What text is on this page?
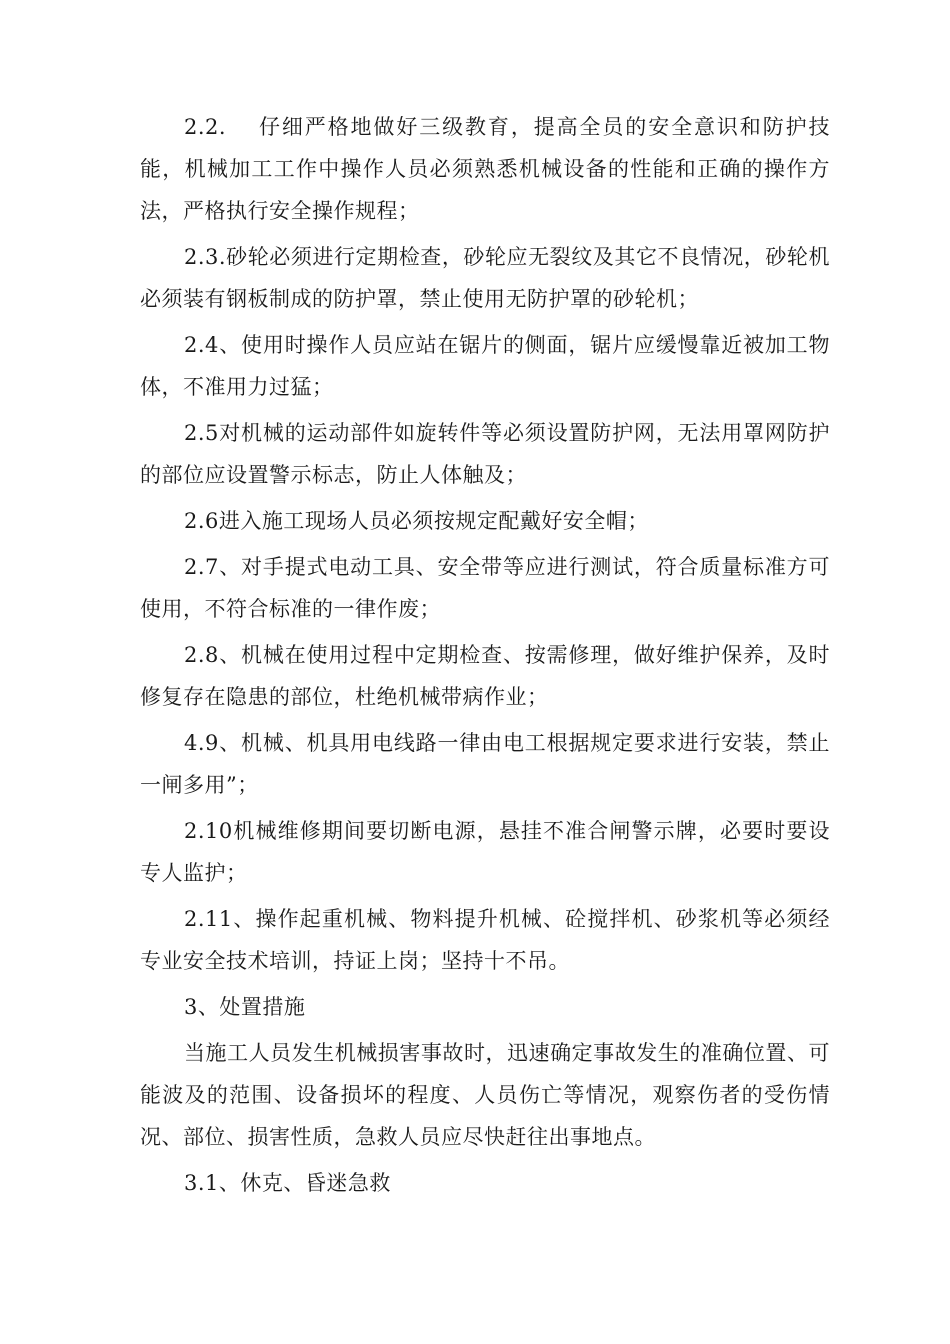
2.2.　 仔细严格地做好三级教育，提高全员的安全意识和防护技能，机械加工工作中操作人员必须熟悉机械设备的性能和正确的操作方法，严格执行安全操作规程；

2.3.砂轮必须进行定期检查，砂轮应无裂纹及其它不良情况，砂轮机必须装有钢板制成的防护罩，禁止使用无防护罩的砂轮机；

2.4、使用时操作人员应站在锯片的侧面，锯片应缓慢靠近被加工物体，不准用力过猛；

2.5对机械的运动部件如旋转件等必须设置防护网，无法用罩网防护的部位应设置警示标志，防止人体触及；

2.6进入施工现场人员必须按规定配戴好安全帽；

2.7、对手提式电动工具、安全带等应进行测试，符合质量标准方可使用，不符合标准的一律作废；

2.8、机械在使用过程中定期检查、按需修理，做好维护保养，及时修复存在隐患的部位，杜绝机械带病作业；

4.9、机械、机具用电线路一律由电工根据规定要求进行安装，禁止一闸多用”；

2.10机械维修期间要切断电源，悬挂不准合闸警示牌，必要时要设专人监护；

2.11、操作起重机械、物料提升机械、砼搅拌机、砂浆机等必须经专业安全技术培训，持证上岗；坚持十不吊。

3、处置措施

当施工人员发生机械损害事故时，迅速确定事故发生的准确位置、可能波及的范围、设备损坏的程度、人员伤亡等情况，观察伤者的受伤情况、部位、损害性质，急救人员应尽快赶往出事地点。

3.1、休克、昏迷急救
